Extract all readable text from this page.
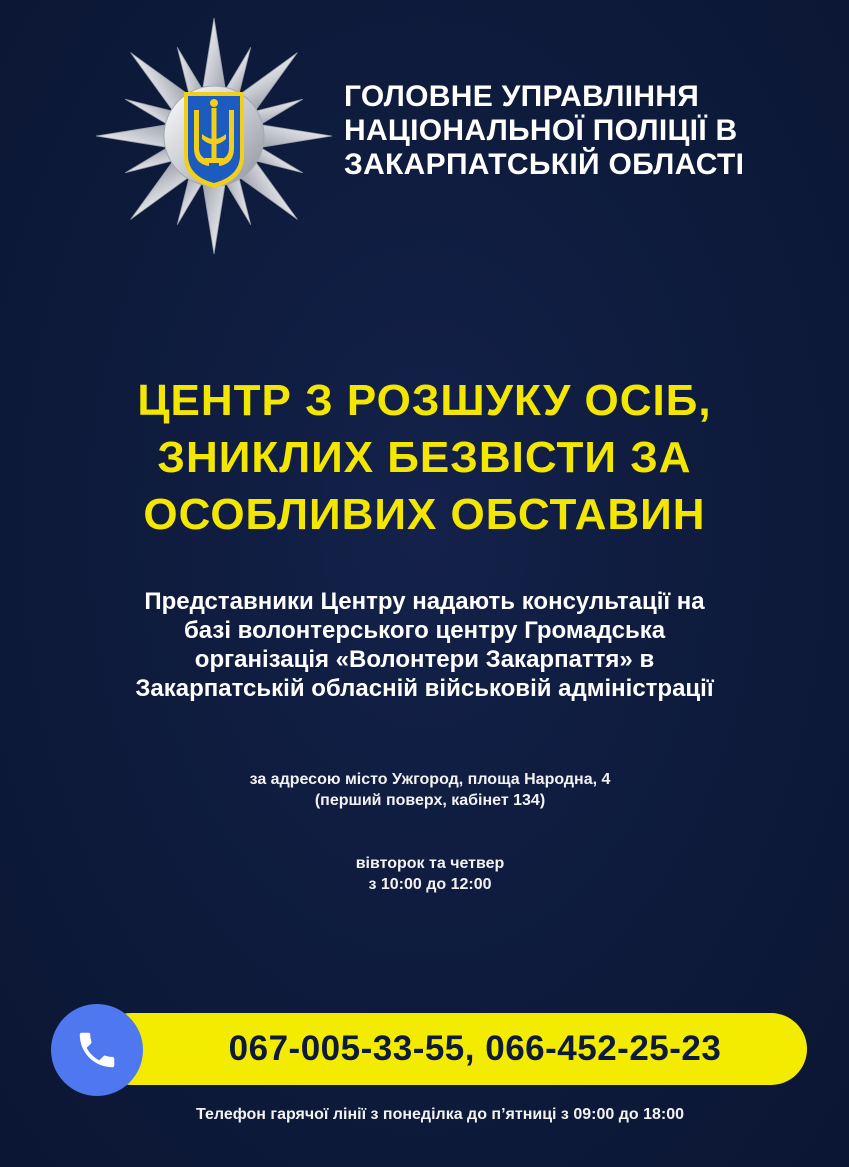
ГОЛОВНЕ УПРАВЛІННЯ
НАЦІОНАЛЬНОЇ ПОЛІЦІЇ В
ЗАКАРПАТСЬКІЙ ОБЛАСТІ
ЦЕНТР З РОЗШУКУ ОСІБ,
ЗНИКЛИХ БЕЗВІСТИ ЗА
ОСОБЛИВИХ ОБСТАВИН
Представники Центру надають консультації на
базі волонтерського центру Громадська
організація «Волонтери Закарпаття» в
Закарпатській обласній військовій адміністрації
за адресою місто Ужгород, площа Народна, 4
(перший поверх, кабінет 134)
вівторок та четвер
з 10:00 до 12:00
067-005-33-55, 066-452-25-23
Телефон гарячої лінії з понеділка до п’ятниці з 09:00 до 18:00
